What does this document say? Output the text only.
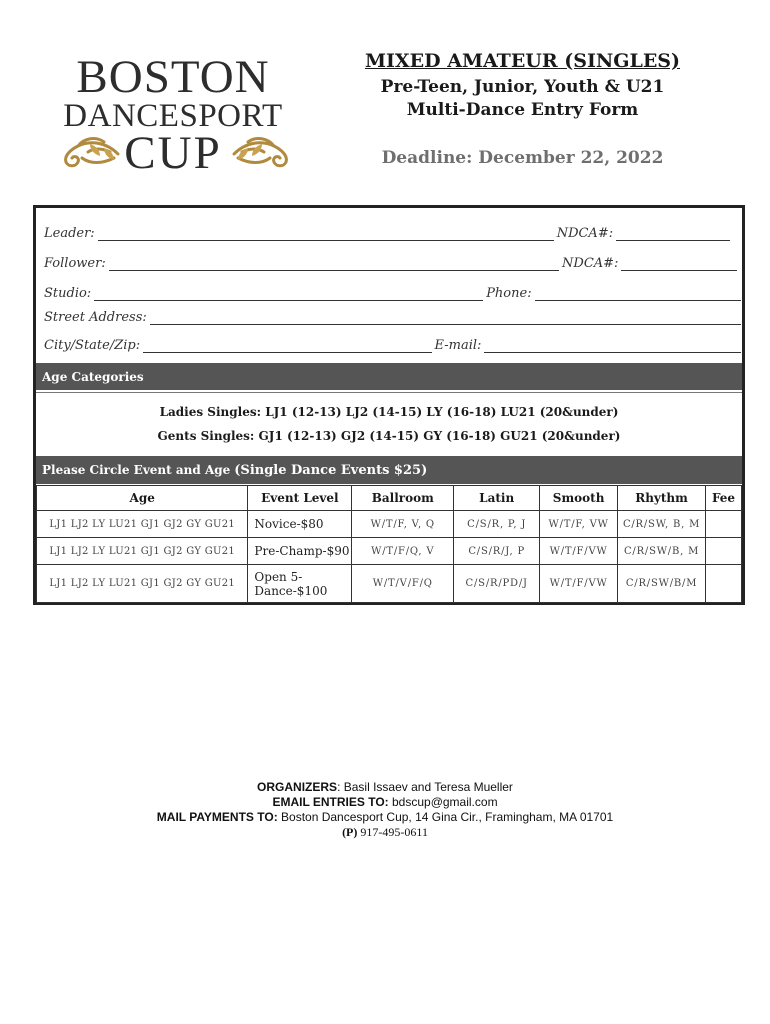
BOSTON
DANCESPORT
CUP
MIXED AMATEUR (SINGLES)
Pre-Teen, Junior, Youth & U21
Multi-Dance Entry Form
Deadline: December 22, 2022
Leader:	NDCA#:
Follower:	NDCA#:
Studio:	Phone:
Street Address:
City/State/Zip:	E-mail:
Age Categories
Ladies Singles: LJ1 (12-13) LJ2 (14-15) LY (16-18) LU21 (20&under)
Gents Singles: GJ1 (12-13) GJ2 (14-15) GY (16-18) GU21 (20&under)
Please Circle Event and Age (Single Dance Events $25)
Age	Event Level	Ballroom	Latin	Smooth	Rhythm	Fee
LJ1 LJ2 LY LU21 GJ1 GJ2 GY GU21	Novice-$80	W/T/F, V, Q	C/S/R, P, J	W/T/F, VW	C/R/SW, B, M	
LJ1 LJ2 LY LU21 GJ1 GJ2 GY GU21	Pre-Champ-$90	W/T/F/Q, V	C/S/R/J, P	W/T/F/VW	C/R/SW/B, M	
LJ1 LJ2 LY LU21 GJ1 GJ2 GY GU21	Open 5-Dance-$100	W/T/V/F/Q	C/S/R/PD/J	W/T/F/VW	C/R/SW/B/M	
ORGANIZERS: Basil Issaev and Teresa Mueller
EMAIL ENTRIES TO: bdscup@gmail.com
MAIL PAYMENTS TO: Boston Dancesport Cup, 14 Gina Cir., Framingham, MA 01701
(P) 917-495-0611
